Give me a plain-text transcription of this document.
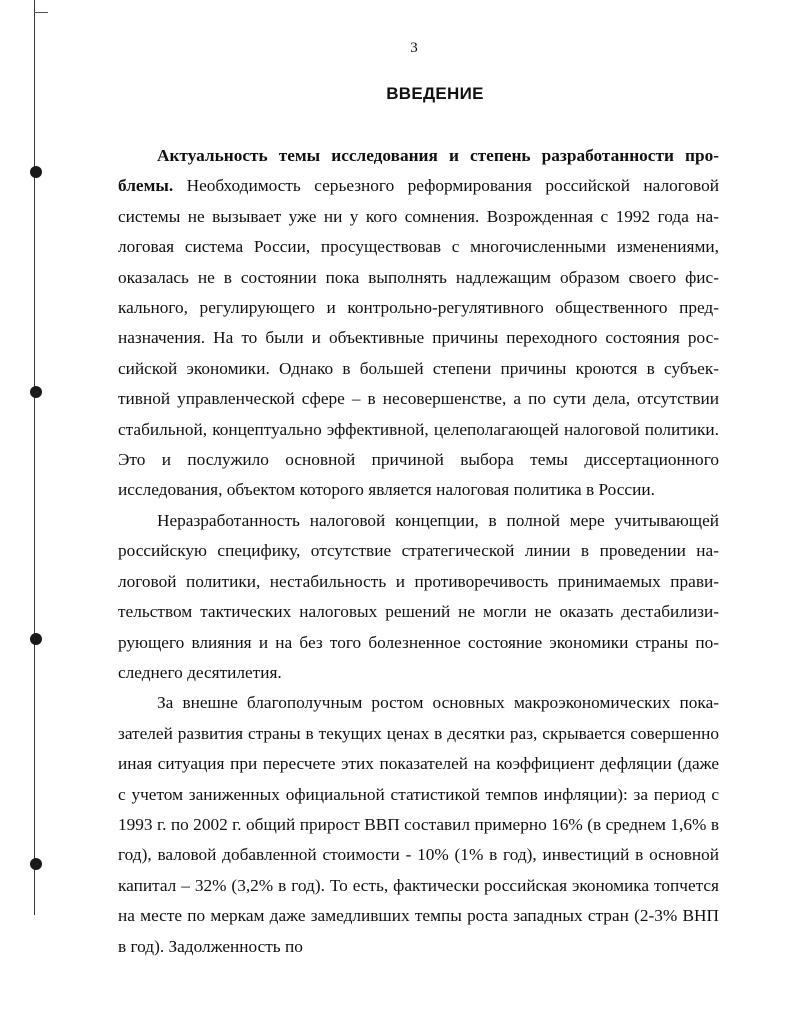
3
ВВЕДЕНИЕ

Актуальность темы исследования и степень разработанности проблемы. Необходимость серьезного реформирования российской налоговой системы не вызывает уже ни у кого сомнения. Возрожденная с 1992 года налоговая система России, просуществовав с многочисленными изменениями, оказалась не в состоянии пока выполнять надлежащим образом своего фискального, регулирующего и контрольно-регулятивного общественного предназначения. На то были и объективные причины переходного состояния российской экономики. Однако в большей степени причины кроются в субъективной управленческой сфере – в несовершенстве, а по сути дела, отсутствии стабильной, концептуально эффективной, целеполагающей налоговой политики. Это и послужило основной причиной выбора темы диссертационного исследования, объектом которого является налоговая политика в России.

Неразработанность налоговой концепции, в полной мере учитывающей российскую специфику, отсутствие стратегической линии в проведении налоговой политики, нестабильность и противоречивость принимаемых правительством тактических налоговых решений не могли не оказать дестабилизирующего влияния и на без того болезненное состояние экономики страны последнего десятилетия.

За внешне благополучным ростом основных макроэкономических показателей развития страны в текущих ценах в десятки раз, скрывается совершенно иная ситуация при пересчете этих показателей на коэффициент дефляции (даже с учетом заниженных официальной статистикой темпов инфляции): за период с 1993 г. по 2002 г. общий прирост ВВП составил примерно 16% (в среднем 1,6% в год), валовой добавленной стоимости - 10% (1% в год), инвестиций в основной капитал – 32% (3,2% в год). То есть, фактически российская экономика топчется на месте по меркам даже замедливших темпы роста западных стран (2-3% ВНП в год). Задолженность по
